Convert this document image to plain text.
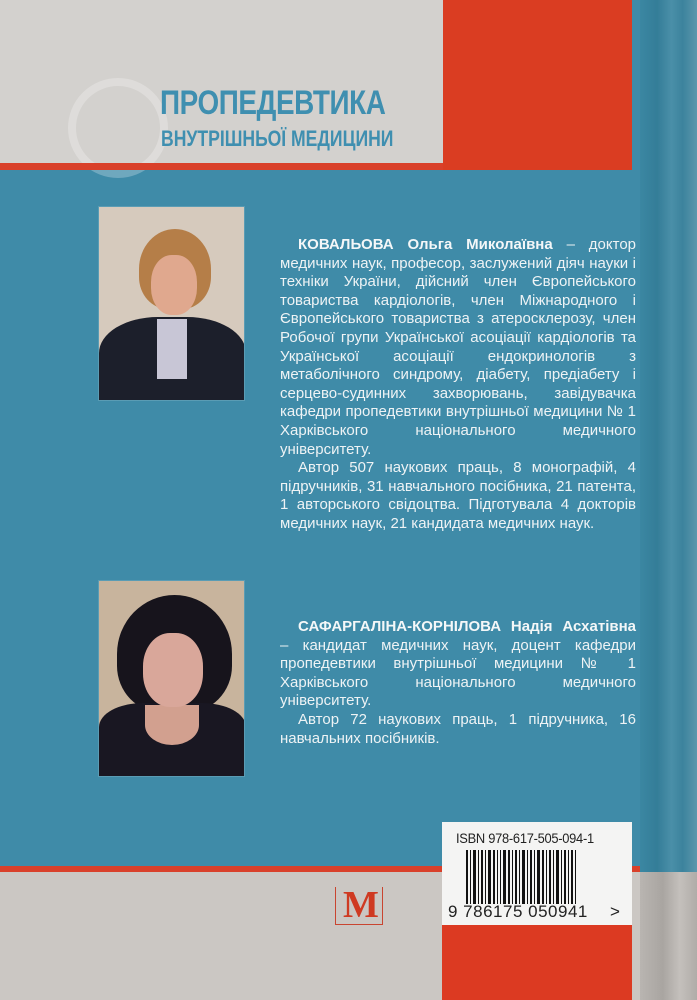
ПРОПЕДЕВТИКА
ВНУТРІШНЬОЇ МЕДИЦИНИ

КОВАЛЬОВА Ольга Миколаївна – доктор медичних наук, професор, заслужений діяч науки і техніки України, дійсний член Європейського товариства кардіологів, член Міжнародного і Європейського товариства з атеросклерозу, член Робочої групи Української асоціації кардіологів та Української асоціації ендокринологів з метаболічного синдрому, діабету, предіабету і серцево-судинних захворювань, завідувачка кафедри пропедевтики внутрішньої медицини № 1 Харківського національного медичного університету.

Автор 507 наукових праць, 8 монографій, 4 підручників, 31 навчального посібника, 21 патента, 1 авторського свідоцтва. Підготувала 4 докторів медичних наук, 21 кандидата медичних наук.

САФАРГАЛІНА-КОРНІЛОВА Надія Асхатівна – кандидат медичних наук, доцент кафедри пропедевтики внутрішньої медицини № 1 Харківського національного медичного університету.

Автор 72 наукових праць, 1 підручника, 16 навчальних посібників.

ISBN 978-617-505-094-1
9 786175 050941 >
M
